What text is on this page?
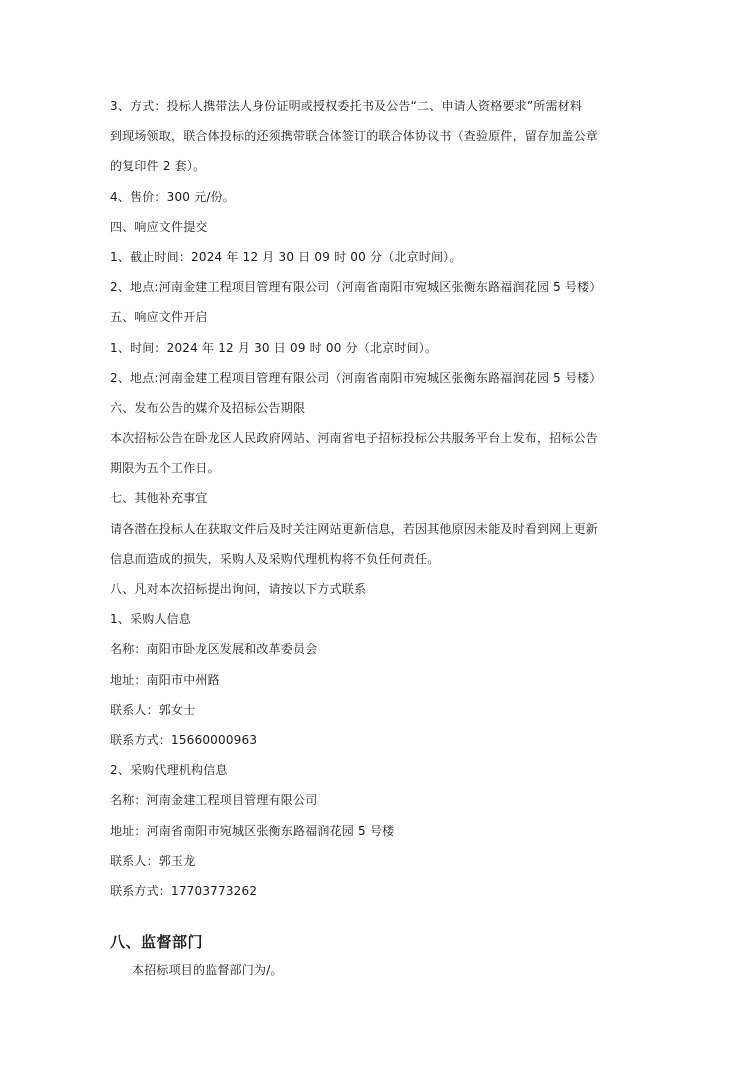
3、方式：投标人携带法人身份证明或授权委托书及公告“二、申请人资格要求”所需材料
到现场领取，联合体投标的还须携带联合体签订的联合体协议书（查验原件，留存加盖公章
的复印件 2 套）。
4、售价：300 元/份。
四、响应文件提交
1、截止时间：2024 年 12 月 30 日 09 时 00 分（北京时间）。
2、地点:河南金建工程项目管理有限公司（河南省南阳市宛城区张衡东路福润花园 5 号楼）
五、响应文件开启
1、时间：2024 年 12 月 30 日 09 时 00 分（北京时间）。
2、地点:河南金建工程项目管理有限公司（河南省南阳市宛城区张衡东路福润花园 5 号楼）
六、发布公告的媒介及招标公告期限
本次招标公告在卧龙区人民政府网站、河南省电子招标投标公共服务平台上发布，招标公告
期限为五个工作日。
七、其他补充事宜
请各潜在投标人在获取文件后及时关注网站更新信息，若因其他原因未能及时看到网上更新
信息而造成的损失，采购人及采购代理机构将不负任何责任。
八、凡对本次招标提出询问，请按以下方式联系
1、采购人信息
名称：南阳市卧龙区发展和改革委员会
地址：南阳市中州路
联系人：郭女士
联系方式：15660000963
2、采购代理机构信息
名称：河南金建工程项目管理有限公司
地址：河南省南阳市宛城区张衡东路福润花园 5 号楼
联系人：郭玉龙
联系方式：17703773262
八、监督部门
本招标项目的监督部门为/。
